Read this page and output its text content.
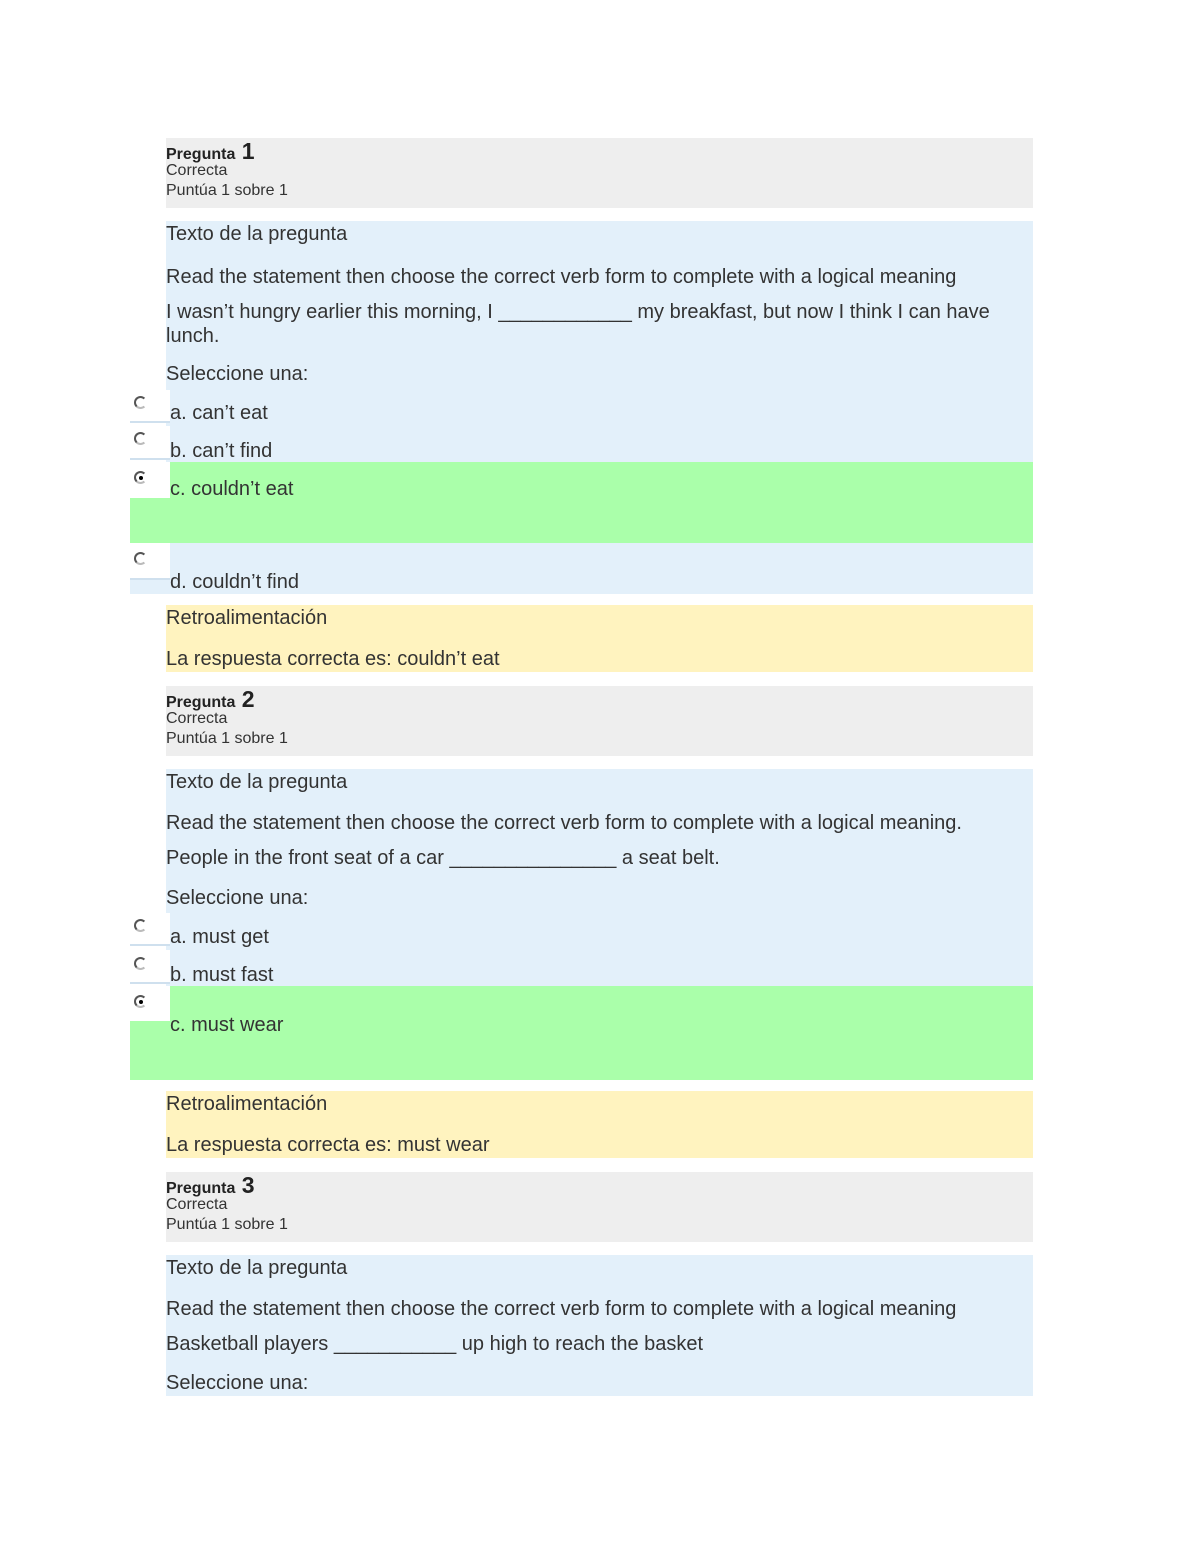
Pregunta 1
Correcta
Puntúa 1 sobre 1
Texto de la pregunta
Read the statement then choose the correct verb form to complete with a logical meaning
I wasn’t hungry earlier this morning, I ____________ my breakfast, but now I think I can have lunch.
Seleccione una:
a. can’t eat
b. can’t find
c. couldn’t eat
d. couldn’t find
Retroalimentación
La respuesta correcta es: couldn’t eat
Pregunta 2
Correcta
Puntúa 1 sobre 1
Texto de la pregunta
Read the statement then choose the correct verb form to complete with a logical meaning.
People in the front seat of a car _______________ a seat belt.
Seleccione una:
a. must get
b. must fast
c. must wear
Retroalimentación
La respuesta correcta es: must wear
Pregunta 3
Correcta
Puntúa 1 sobre 1
Texto de la pregunta
Read the statement then choose the correct verb form to complete with a logical meaning
Basketball players ___________ up high to reach the basket
Seleccione una:
